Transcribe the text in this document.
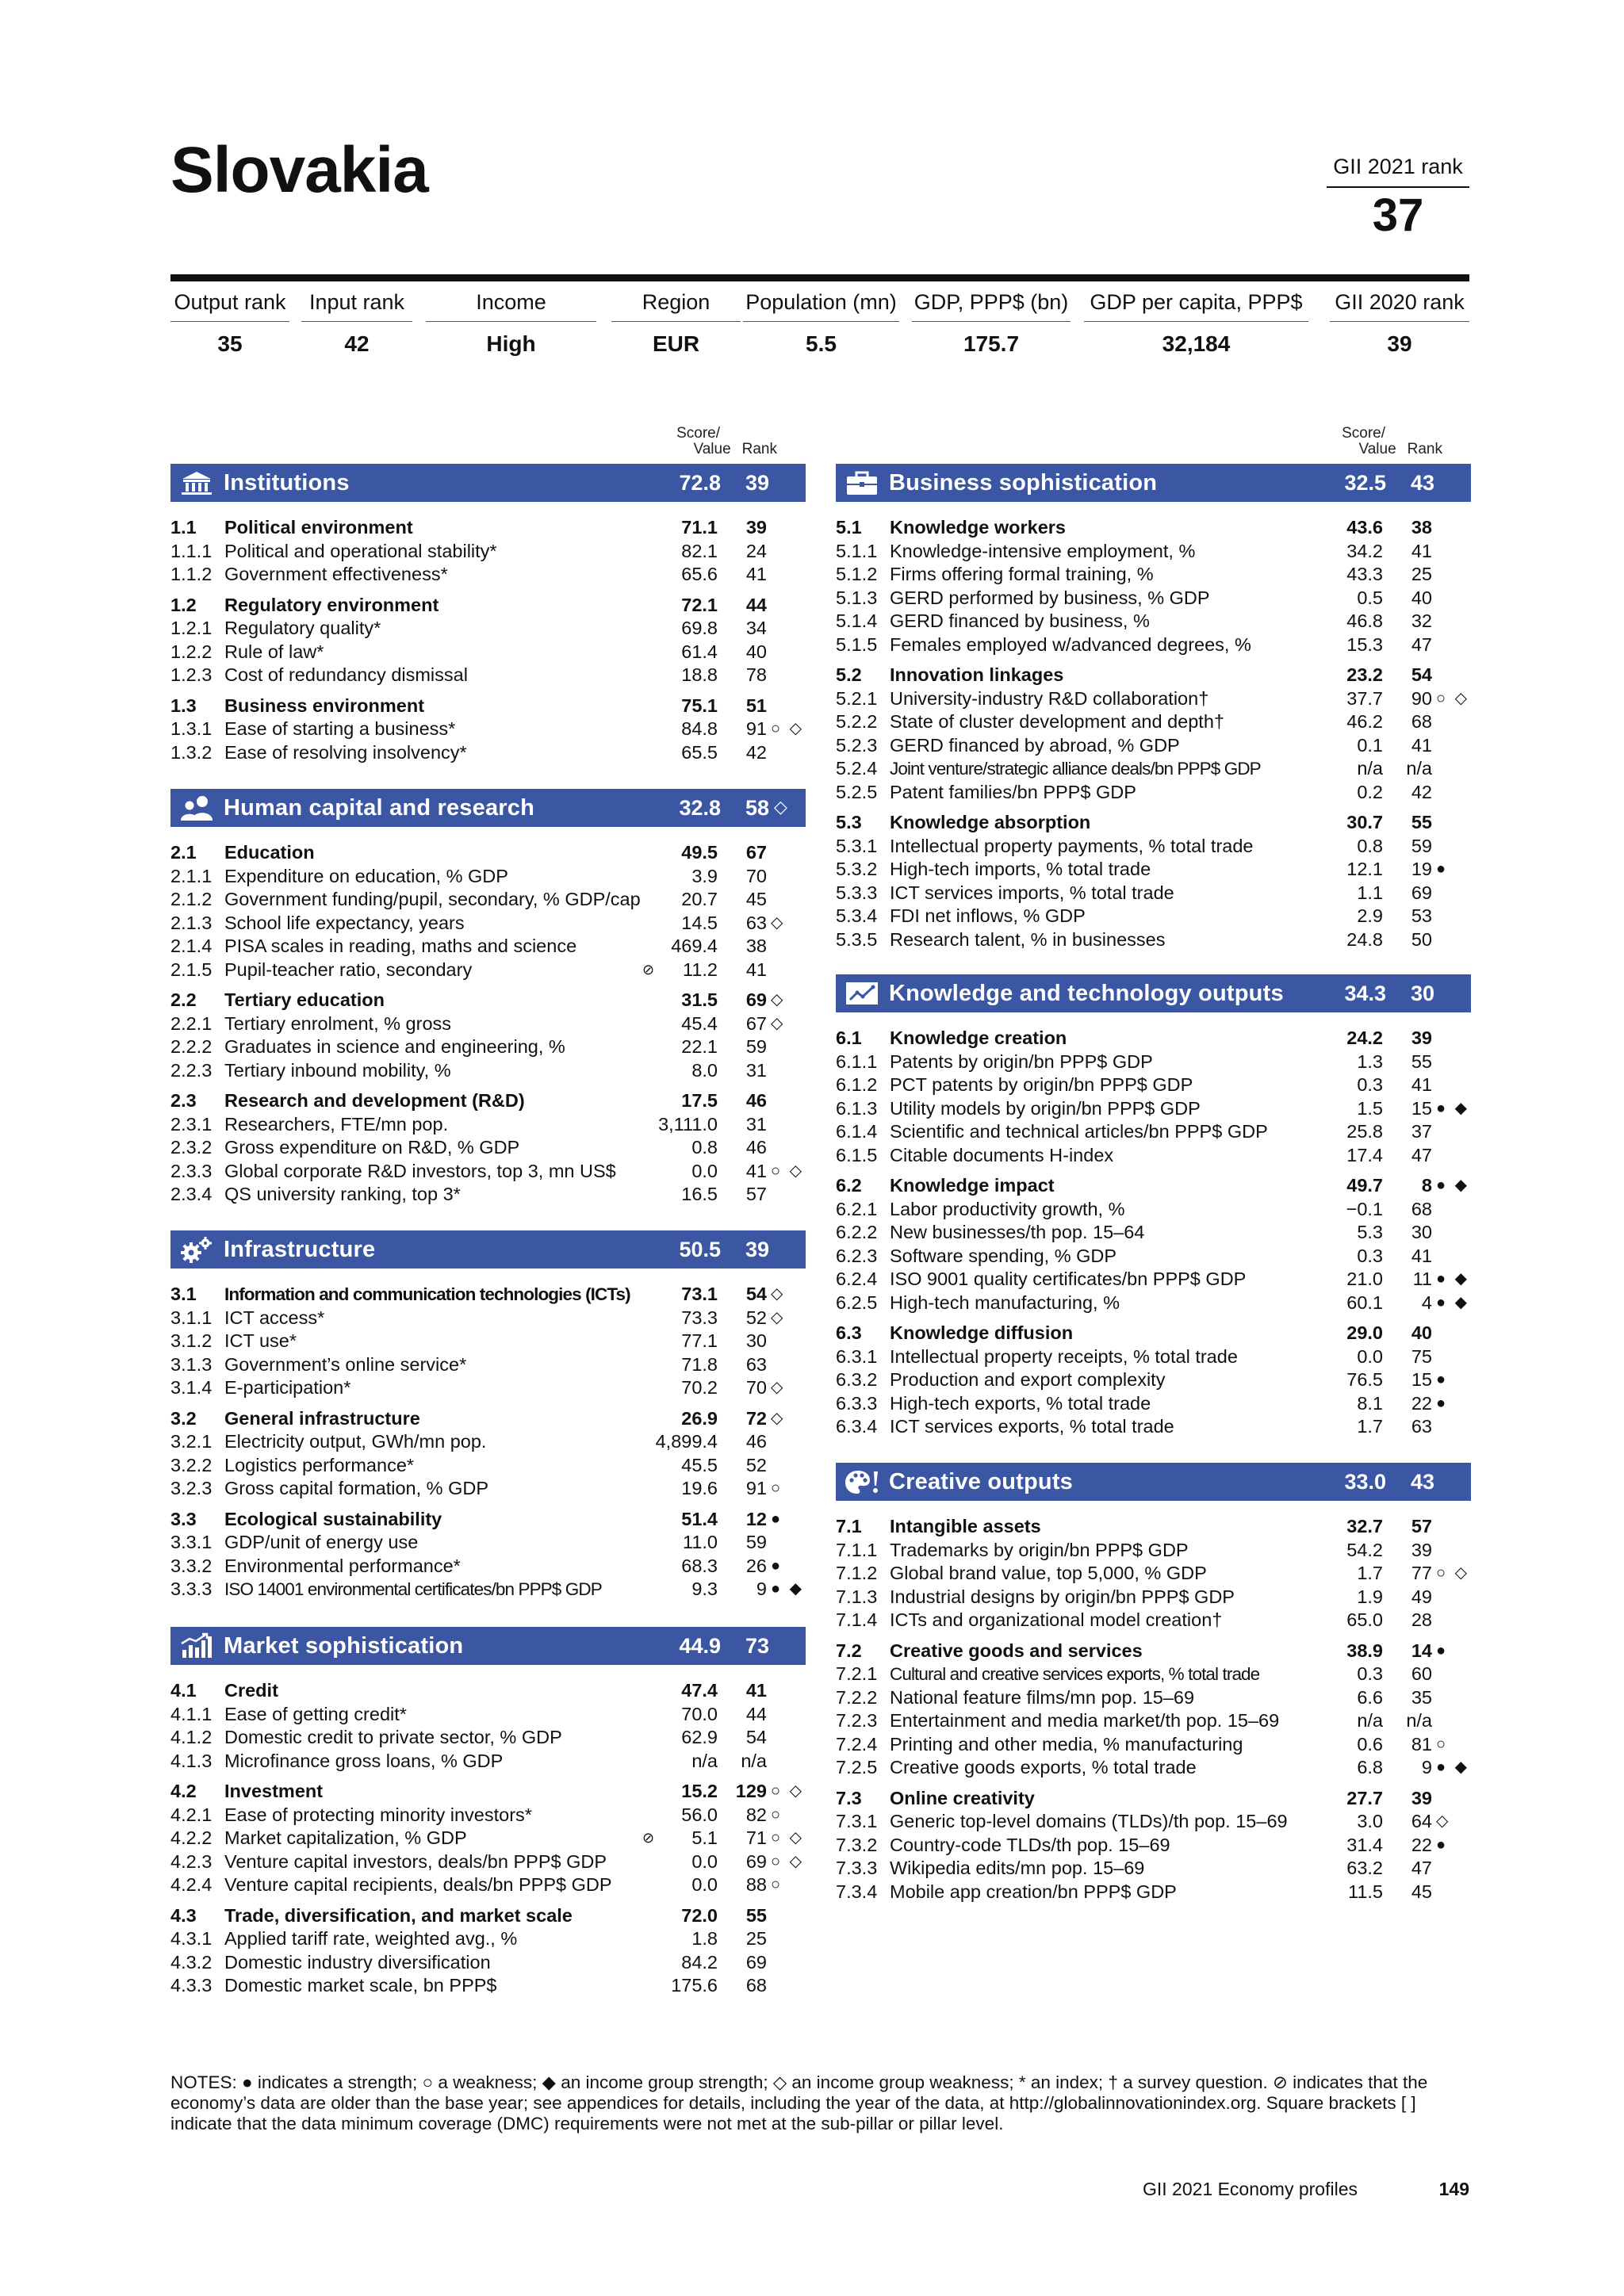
Slovakia	GII 2021 rank
37
Output rank
35
Input rank
42
Income
High
Region
EUR
Population (mn)
5.5
GDP, PPP$ (bn)
175.7
GDP per capita, PPP$
32,184
GII 2020 rank
39
Score/
Value Rank
Score/
Value Rank
Institutions	72.8 39
1.1 Political environment	71.1 39
1.1.1 Political and operational stability*	82.1 24
1.1.2 Government effectiveness*	65.6 41
1.2 Regulatory environment	72.1 44
1.2.1 Regulatory quality*	69.8 34
1.2.2 Rule of law*	61.4 40
1.2.3 Cost of redundancy dismissal	18.8 78
1.3 Business environment	75.1 51
1.3.1 Ease of starting a business*	84.8 91 ○ ◇
1.3.2 Ease of resolving insolvency*	65.5 42
Human capital and research	32.8 58 ◇
2.1 Education	49.5 67
2.1.1 Expenditure on education, % GDP	3.9 70
2.1.2 Government funding/pupil, secondary, % GDP/cap 20.7 45
2.1.3 School life expectancy, years	14.5 63 ◇
2.1.4 PISA scales in reading, maths and science	469.4 38
2.1.5 Pupil-teacher ratio, secondary	⊘ 11.2 41
2.2 Tertiary education	31.5 69 ◇
2.2.1 Tertiary enrolment, % gross	45.4 67 ◇
2.2.2 Graduates in science and engineering, %	22.1 59
2.2.3 Tertiary inbound mobility, %	8.0 31
2.3 Research and development (R&D)	17.5 46
2.3.1 Researchers, FTE/mn pop.	3,111.0 31
2.3.2 Gross expenditure on R&D, % GDP	0.8 46
2.3.3 Global corporate R&D investors, top 3, mn US$	0.0 41 ○ ◇
2.3.4 QS university ranking, top 3*	16.5 57
Infrastructure	50.5 39
3.1 Information and communication technologies (ICTs)	73.1 54 ◇
3.1.1 ICT access*	73.3 52 ◇
3.1.2 ICT use*	77.1 30
3.1.3 Government’s online service*	71.8 63
3.1.4 E-participation*	70.2 70 ◇
3.2 General infrastructure	26.9 72 ◇
3.2.1 Electricity output, GWh/mn pop.	4,899.4 46
3.2.2 Logistics performance*	45.5 52
3.2.3 Gross capital formation, % GDP	19.6 91 ○
3.3 Ecological sustainability	51.4 12 ●
3.3.1 GDP/unit of energy use	11.0 59
3.3.2 Environmental performance*	68.3 26 ●
3.3.3 ISO 14001 environmental certificates/bn PPP$ GDP	9.3 9 ● ◆
Market sophistication	44.9 73
4.1 Credit	47.4 41
4.1.1 Ease of getting credit*	70.0 44
4.1.2 Domestic credit to private sector, % GDP	62.9 54
4.1.3 Microfinance gross loans, % GDP	n/a n/a
4.2 Investment	15.2 129 ○ ◇
4.2.1 Ease of protecting minority investors*	56.0 82 ○
4.2.2 Market capitalization, % GDP	⊘ 5.1 71 ○ ◇
4.2.3 Venture capital investors, deals/bn PPP$ GDP	0.0 69 ○ ◇
4.2.4 Venture capital recipients, deals/bn PPP$ GDP	0.0 88 ○
4.3 Trade, diversification, and market scale	72.0 55
4.3.1 Applied tariff rate, weighted avg., %	1.8 25
4.3.2 Domestic industry diversification	84.2 69
4.3.3 Domestic market scale, bn PPP$	175.6 68
Business sophistication	32.5 43
5.1 Knowledge workers	43.6 38
5.1.1 Knowledge-intensive employment, %	34.2 41
5.1.2 Firms offering formal training, %	43.3 25
5.1.3 GERD performed by business, % GDP	0.5 40
5.1.4 GERD financed by business, %	46.8 32
5.1.5 Females employed w/advanced degrees, %	15.3 47
5.2 Innovation linkages	23.2 54
5.2.1 University-industry R&D collaboration†	37.7 90 ○ ◇
5.2.2 State of cluster development and depth†	46.2 68
5.2.3 GERD financed by abroad, % GDP	0.1 41
5.2.4 Joint venture/strategic alliance deals/bn PPP$ GDP	n/a n/a
5.2.5 Patent families/bn PPP$ GDP	0.2 42
5.3 Knowledge absorption	30.7 55
5.3.1 Intellectual property payments, % total trade	0.8 59
5.3.2 High-tech imports, % total trade	12.1 19 ●
5.3.3 ICT services imports, % total trade	1.1 69
5.3.4 FDI net inflows, % GDP	2.9 53
5.3.5 Research talent, % in businesses	24.8 50
Knowledge and technology outputs	34.3 30
6.1 Knowledge creation	24.2 39
6.1.1 Patents by origin/bn PPP$ GDP	1.3 55
6.1.2 PCT patents by origin/bn PPP$ GDP	0.3 41
6.1.3 Utility models by origin/bn PPP$ GDP	1.5 15 ● ◆
6.1.4 Scientific and technical articles/bn PPP$ GDP	25.8 37
6.1.5 Citable documents H-index	17.4 47
6.2 Knowledge impact	49.7 8 ● ◆
6.2.1 Labor productivity growth, %	−0.1 68
6.2.2 New businesses/th pop. 15–64	5.3 30
6.2.3 Software spending, % GDP	0.3 41
6.2.4 ISO 9001 quality certificates/bn PPP$ GDP	21.0 11 ● ◆
6.2.5 High-tech manufacturing, %	60.1 4 ● ◆
6.3 Knowledge diffusion	29.0 40
6.3.1 Intellectual property receipts, % total trade	0.0 75
6.3.2 Production and export complexity	76.5 15 ●
6.3.3 High-tech exports, % total trade	8.1 22 ●
6.3.4 ICT services exports, % total trade	1.7 63
Creative outputs	33.0 43
7.1 Intangible assets	32.7 57
7.1.1 Trademarks by origin/bn PPP$ GDP	54.2 39
7.1.2 Global brand value, top 5,000, % GDP	1.7 77 ○ ◇
7.1.3 Industrial designs by origin/bn PPP$ GDP	1.9 49
7.1.4 ICTs and organizational model creation†	65.0 28
7.2 Creative goods and services	38.9 14 ●
7.2.1 Cultural and creative services exports, % total trade	0.3 60
7.2.2 National feature films/mn pop. 15–69	6.6 35
7.2.3 Entertainment and media market/th pop. 15–69	n/a n/a
7.2.4 Printing and other media, % manufacturing	0.6 81 ○
7.2.5 Creative goods exports, % total trade	6.8 9 ● ◆
7.3 Online creativity	27.7 39
7.3.1 Generic top-level domains (TLDs)/th pop. 15–69	3.0 64 ◇
7.3.2 Country-code TLDs/th pop. 15–69	31.4 22 ●
7.3.3 Wikipedia edits/mn pop. 15–69	63.2 47
7.3.4 Mobile app creation/bn PPP$ GDP	11.5 45
NOTES: ● indicates a strength; ○ a weakness; ◆ an income group strength; ◇ an income group weakness; * an index; † a survey question. ⊘ indicates that the economy’s data are older than the base year; see appendices for details, including the year of the data, at http://globalinnovationindex.org. Square brackets [ ] indicate that the data minimum coverage (DMC) requirements were not met at the sub-pillar or pillar level.
GII 2021 Economy profiles	149
